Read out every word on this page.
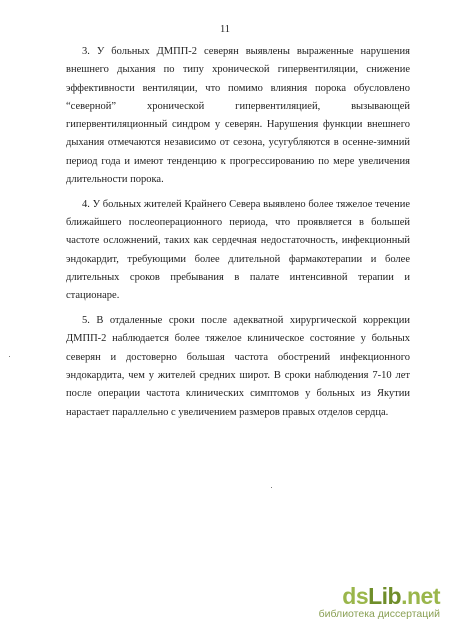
11

3. У больных ДМПП-2 северян выявлены выраженные нарушения внешнего дыхания по типу хронической гипервентиляции, снижение эффективности вентиляции, что помимо влияния порока обусловлено “северной” хронической гипервентиляцией, вызывающей гипервентиляционный синдром у северян. Нарушения функции внешнего дыхания отмечаются независимо от сезона, усугубляются в осенне-зимний период года и имеют тенденцию к прогрессированию по мере увеличения длительности порока.

4. У больных жителей Крайнего Севера выявлено более тяжелое течение ближайшего послеоперационного периода, что проявляется в большей частоте осложнений, таких как сердечная недостаточность, инфекционный эндокардит, требующими более длительной фармакотерапии и более длительных сроков пребывания в палате интенсивной терапии и стационаре.

5. В отдаленные сроки после адекватной хирургической коррекции ДМПП-2 наблюдается более тяжелое клиническое состояние у больных северян и достоверно большая частота обострений инфекционного эндокардита, чем у жителей средних широт. В сроки наблюдения 7-10 лет после операции частота клинических симптомов у больных из Якутии нарастает параллельно с увеличением размеров правых отделов сердца.

dsLib.net
библиотека диссертаций
